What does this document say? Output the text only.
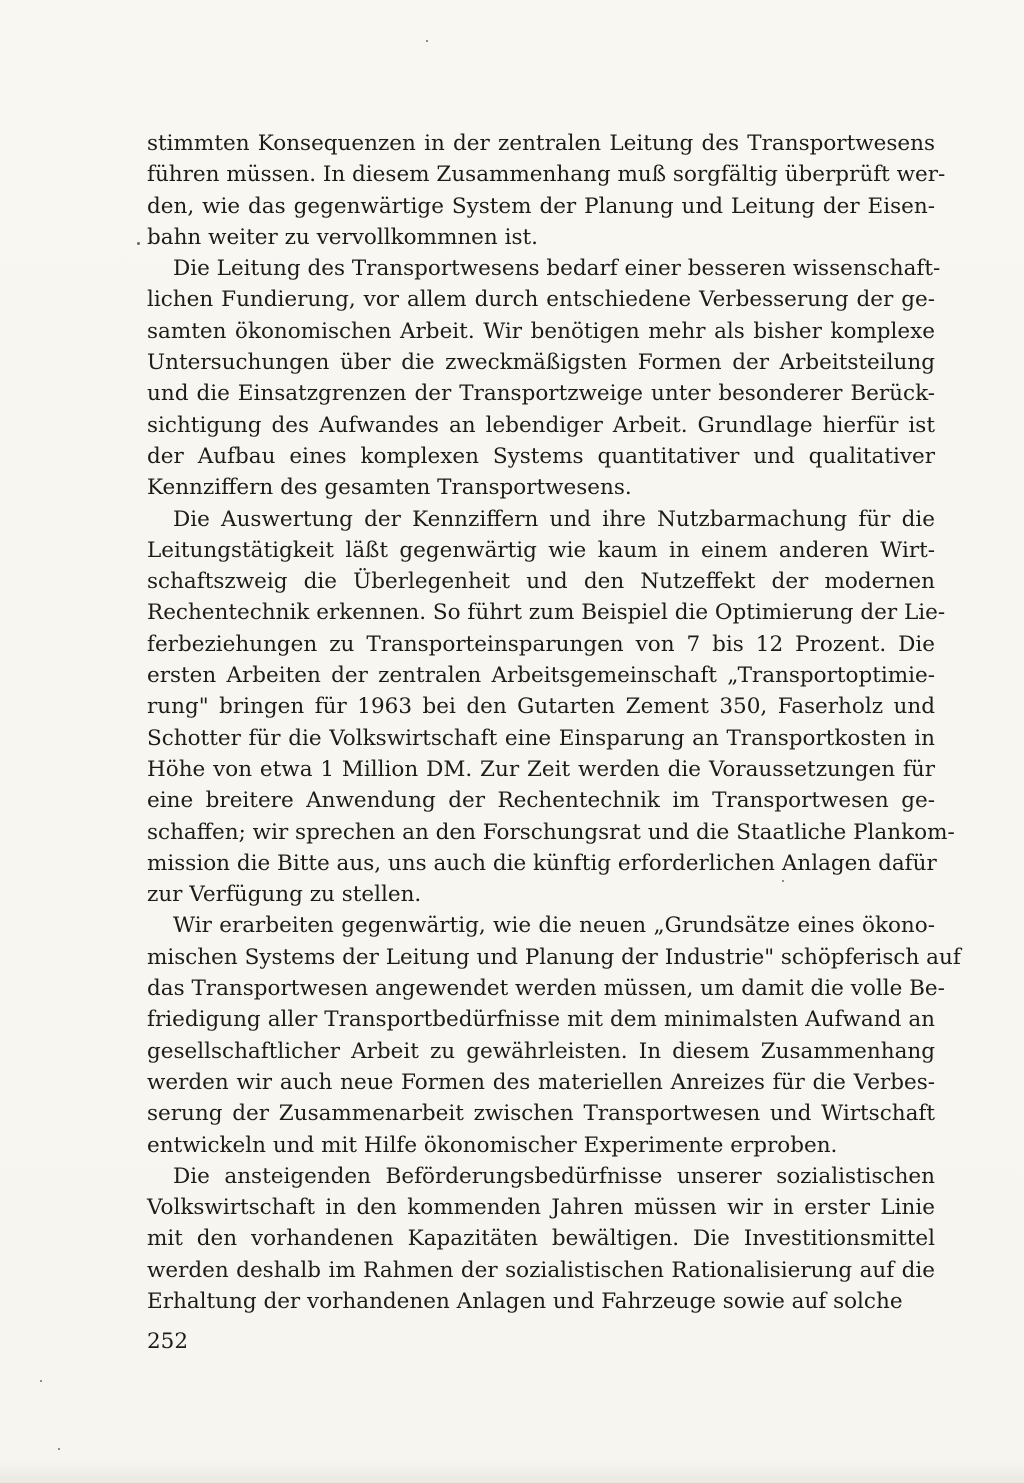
stimmten Konsequenzen in der zentralen Leitung des Transportwesens
führen müssen. In diesem Zusammenhang muß sorgfältig überprüft wer-
den, wie das gegenwärtige System der Planung und Leitung der Eisen-
bahn weiter zu vervollkommnen ist.
Die Leitung des Transportwesens bedarf einer besseren wissenschaft-
lichen Fundierung, vor allem durch entschiedene Verbesserung der ge-
samten ökonomischen Arbeit. Wir benötigen mehr als bisher komplexe
Untersuchungen über die zweckmäßigsten Formen der Arbeitsteilung
und die Einsatzgrenzen der Transportzweige unter besonderer Berück-
sichtigung des Aufwandes an lebendiger Arbeit. Grundlage hierfür ist
der Aufbau eines komplexen Systems quantitativer und qualitativer
Kennziffern des gesamten Transportwesens.
Die Auswertung der Kennziffern und ihre Nutzbarmachung für die
Leitungstätigkeit läßt gegenwärtig wie kaum in einem anderen Wirt-
schaftszweig die Überlegenheit und den Nutzeffekt der modernen
Rechentechnik erkennen. So führt zum Beispiel die Optimierung der Lie-
ferbeziehungen zu Transporteinsparungen von 7 bis 12 Prozent. Die
ersten Arbeiten der zentralen Arbeitsgemeinschaft „Transportoptimie-
rung" bringen für 1963 bei den Gutarten Zement 350, Faserholz und
Schotter für die Volkswirtschaft eine Einsparung an Transportkosten in
Höhe von etwa 1 Million DM. Zur Zeit werden die Voraussetzungen für
eine breitere Anwendung der Rechentechnik im Transportwesen ge-
schaffen; wir sprechen an den Forschungsrat und die Staatliche Plankom-
mission die Bitte aus, uns auch die künftig erforderlichen Anlagen dafür
zur Verfügung zu stellen.
Wir erarbeiten gegenwärtig, wie die neuen „Grundsätze eines ökono-
mischen Systems der Leitung und Planung der Industrie" schöpferisch auf
das Transportwesen angewendet werden müssen, um damit die volle Be-
friedigung aller Transportbedürfnisse mit dem minimalsten Aufwand an
gesellschaftlicher Arbeit zu gewährleisten. In diesem Zusammenhang
werden wir auch neue Formen des materiellen Anreizes für die Verbes-
serung der Zusammenarbeit zwischen Transportwesen und Wirtschaft
entwickeln und mit Hilfe ökonomischer Experimente erproben.
Die ansteigenden Beförderungsbedürfnisse unserer sozialistischen
Volkswirtschaft in den kommenden Jahren müssen wir in erster Linie
mit den vorhandenen Kapazitäten bewältigen. Die Investitionsmittel
werden deshalb im Rahmen der sozialistischen Rationalisierung auf die
Erhaltung der vorhandenen Anlagen und Fahrzeuge sowie auf solche
252
